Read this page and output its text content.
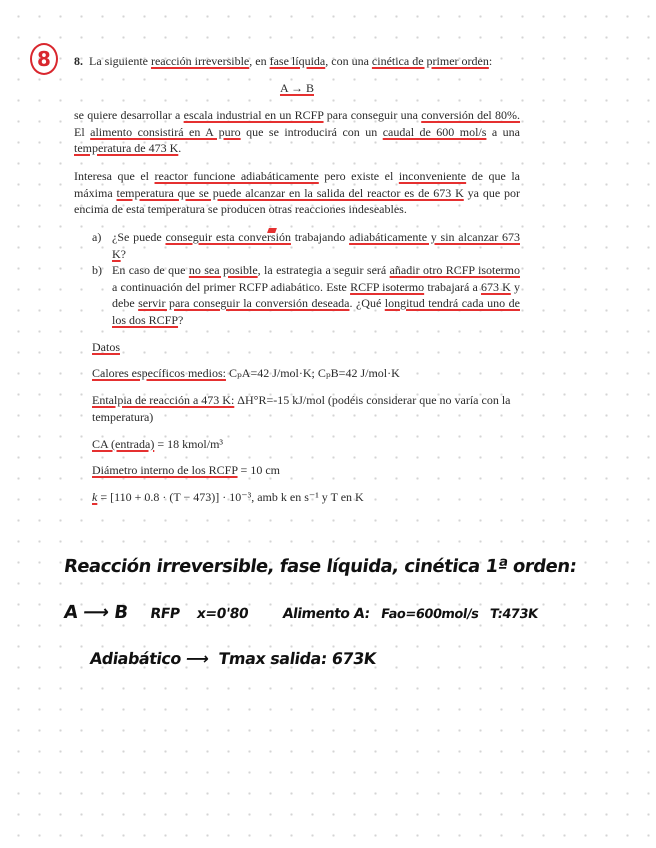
8 8. La siguiente reacción irreversible, en fase líquida, con una cinética de primer orden:
A → B
se quiere desarrollar a escala industrial en un RCFP para conseguir una conversión del 80%. El alimento consistirá en A puro que se introducirá con un caudal de 600 mol/s a una temperatura de 473 K.
Interesa que el reactor funcione adiabáticamente pero existe el inconveniente de que la máxima temperatura que se puede alcanzar en la salida del reactor es de 673 K ya que por encima de esta temperatura se producen otras reacciones indeseables.
a) ¿Se puede conseguir esta conversión trabajando adiabáticamente y sin alcanzar 673 K?
b) En caso de que no sea posible, la estrategia a seguir será añadir otro RCFP isotermo a continuación del primer RCFP adiabático. Este RCFP isotermo trabajará a 673 K y debe servir para conseguir la conversión deseada. ¿Qué longitud tendrá cada uno de los dos RCFP?
Datos
Calores específicos medios: CₚA=42 J/mol·K; CₚB=42 J/mol·K
Entalpia de reacción a 473 K: ΔH°R=-15 kJ/mol (podéis considerar que no varía con la temperatura)
CA (entrada) = 18 kmol/m³
Diámetro interno de los RCFP = 10 cm
k = [110 + 0.8 · (T − 473)] · 10⁻³, amb k en s⁻¹ y T en K
Reacción irreversible, fase líquida, cinética 1ª orden:
A ⟶ B RFP x=0'80 Alimento A: Fao=600mol/s T:473K
Adiabático ⟶ Tmax salida: 673K
